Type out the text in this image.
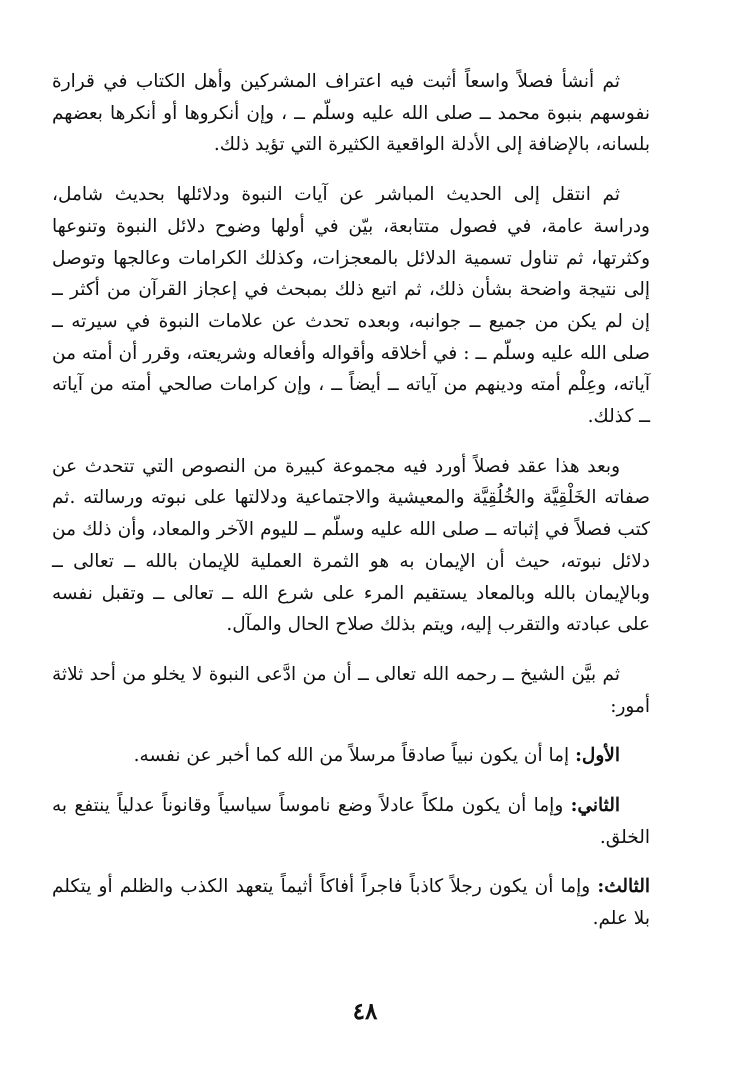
ثم أنشأ فصلاً واسعاً أثبت فيه اعتراف المشركين وأهل الكتاب في قرارة نفوسهم بنبوة محمد ــ صلى الله عليه وسلّم ــ ، وإن أنكروها أو أنكرها بعضهم بلسانه، بالإضافة إلى الأدلة الواقعية الكثيرة التي تؤيد ذلك.

ثم انتقل إلى الحديث المباشر عن آيات النبوة ودلائلها بحديث شامل، ودراسة عامة، في فصول متتابعة، بيّن في أولها وضوح دلائل النبوة وتنوعها وكثرتها، ثم تناول تسمية الدلائل بالمعجزات، وكذلك الكرامات وعالجها وتوصل إلى نتيجة واضحة بشأن ذلك، ثم اتبع ذلك بمبحث في إعجاز القرآن من أكثر ــ إن لم يكن من جميع ــ جوانبه، وبعده تحدث عن علامات النبوة في سيرته ــ صلى الله عليه وسلّم ــ : في أخلاقه وأقواله وأفعاله وشريعته، وقرر أن أمته من آياته، وعِلْم أمته ودينهم من آياته ــ أيضاً ــ ، وإن كرامات صالحي أمته من آياته ــ كذلك.

وبعد هذا عقد فصلاً أورد فيه مجموعة كبيرة من النصوص التي تتحدث عن صفاته الخَلْقِيَّة والخُلُقِيَّة والمعيشية والاجتماعية ودلالتها على نبوته ورسالته .ثم كتب فصلاً في إثباته ــ صلى الله عليه وسلّم ــ لليوم الآخر والمعاد، وأن ذلك من دلائل نبوته، حيث أن الإيمان به هو الثمرة العملية للإيمان بالله ــ تعالى ــ وبالإيمان بالله وبالمعاد يستقيم المرء على شرع الله ــ تعالى ــ وتقبل نفسه على عبادته والتقرب إليه، ويتم بذلك صلاح الحال والمآل.

ثم بيَّن الشيخ ــ رحمه الله تعالى ــ أن من ادَّعى النبوة لا يخلو من أحد ثلاثة أمور:

الأول: إما أن يكون نبياً صادقاً مرسلاً من الله كما أخبر عن نفسه.

الثاني: وإما أن يكون ملكاً عادلاً وضع ناموساً سياسياً وقانوناً عدلياً ينتفع به الخلق.

الثالث: وإما أن يكون رجلاً كاذباً فاجراً أفاكاً أثيماً يتعهد الكذب والظلم أو يتكلم بلا علم.

٤٨
